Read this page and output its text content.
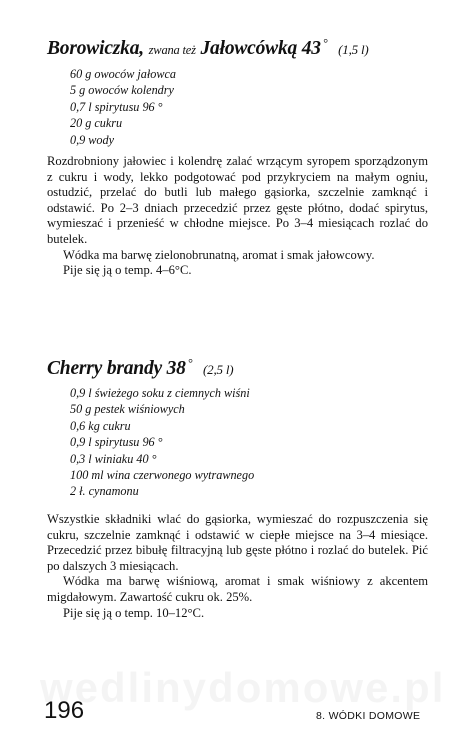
Borowiczka, zwana też Jałowcówką 43 ° (1,5 l)
60 g owoców jałowca
5 g owoców kolendry
0,7 l spirytusu 96 °
20 g cukru
0,9 wody

Rozdrobniony jałowiec i kolendrę zalać wrzącym syropem sporządzonym z cukru i wody, lekko podgotować pod przykryciem na małym ogniu, ostudzić, przelać do butli lub małego gąsiorka, szczelnie zamknąć i odstawić. Po 2–3 dniach przecedzić przez gęste płótno, dodać spirytus, wymieszać i przenieść w chłodne miejsce. Po 3–4 miesiącach rozlać do butelek.

Wódka ma barwę zielonobrunatną, aromat i smak jałowcowy.

Pije się ją o temp. 4–6°C.

Cherry brandy 38 ° (2,5 l)
0,9 l świeżego soku z ciemnych wiśni
50 g pestek wiśniowych
0,6 kg cukru
0,9 l spirytusu 96 °
0,3 l winiaku 40 °
100 ml wina czerwonego wytrawnego
2 ł. cynamonu

Wszystkie składniki wlać do gąsiorka, wymieszać do rozpuszczenia się cukru, szczelnie zamknąć i odstawić w ciepłe miejsce na 3–4 miesiące. Przecedzić przez bibułę filtracyjną lub gęste płótno i rozlać do butelek. Pić po dalszych 3 miesiącach.

Wódka ma barwę wiśniową, aromat i smak wiśniowy z akcentem migdałowym. Zawartość cukru ok. 25%.

Pije się ją o temp. 10–12°C.

196	8. WÓDKI DOMOWE
